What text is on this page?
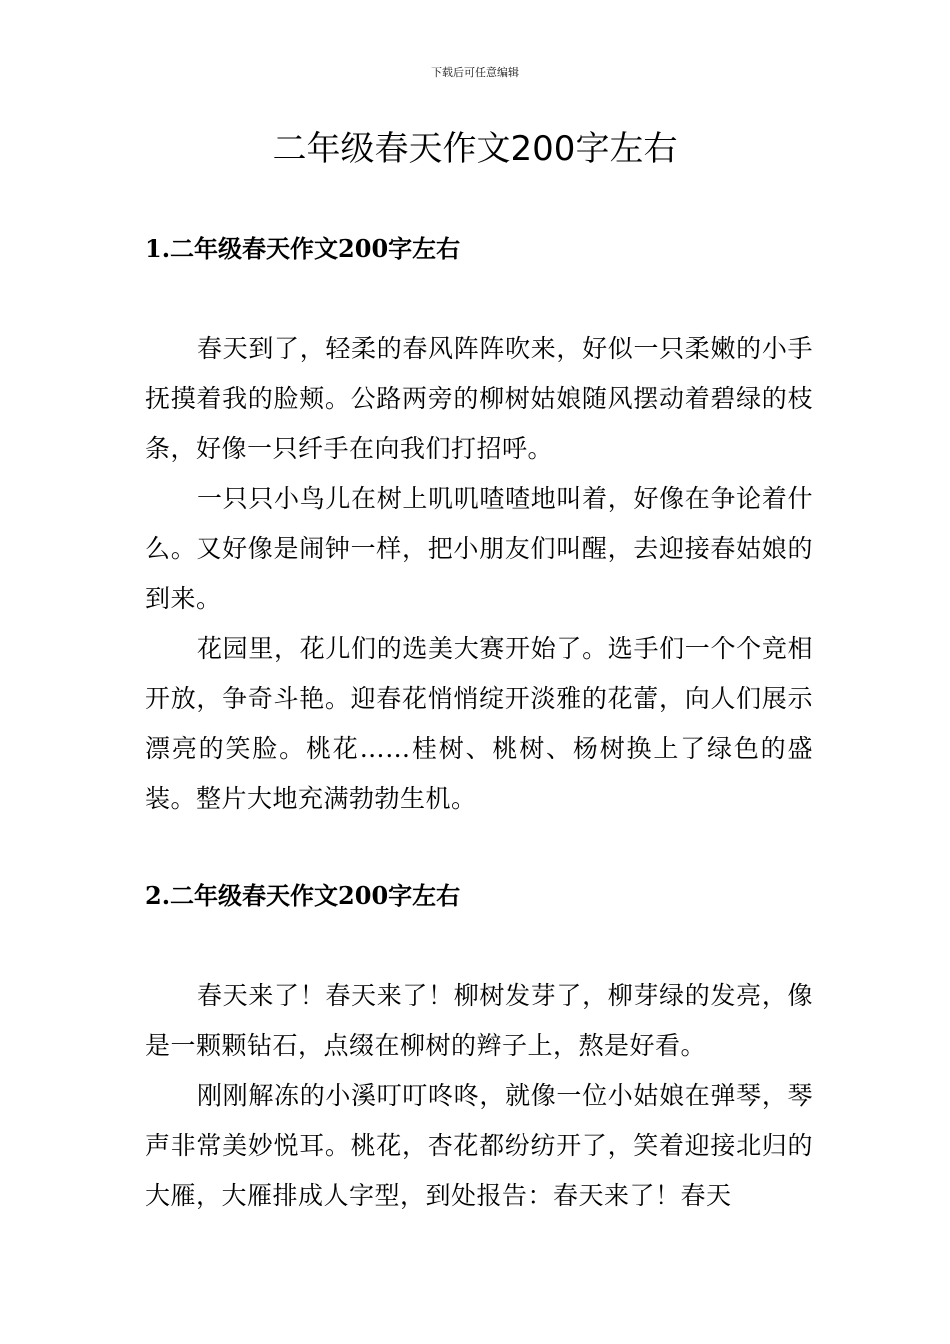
下载后可任意编辑
二年级春天作文200字左右
1.二年级春天作文200字左右

春天到了，轻柔的春风阵阵吹来，好似一只柔嫩的小手抚摸着我的脸颊。公路两旁的柳树姑娘随风摆动着碧绿的枝条，好像一只纤手在向我们打招呼。

一只只小鸟儿在树上叽叽喳喳地叫着，好像在争论着什么。又好像是闹钟一样，把小朋友们叫醒，去迎接春姑娘的到来。

花园里，花儿们的选美大赛开始了。选手们一个个竞相开放，争奇斗艳。迎春花悄悄绽开淡雅的花蕾，向人们展示漂亮的笑脸。桃花……桂树、桃树、杨树换上了绿色的盛装。整片大地充满勃勃生机。

2.二年级春天作文200字左右

春天来了！春天来了！柳树发芽了，柳芽绿的发亮，像是一颗颗钻石，点缀在柳树的辫子上，熬是好看。

刚刚解冻的小溪叮叮咚咚，就像一位小姑娘在弹琴，琴声非常美妙悦耳。桃花，杏花都纷纺开了，笑着迎接北归的大雁，大雁排成人字型，到处报告：春天来了！春天
